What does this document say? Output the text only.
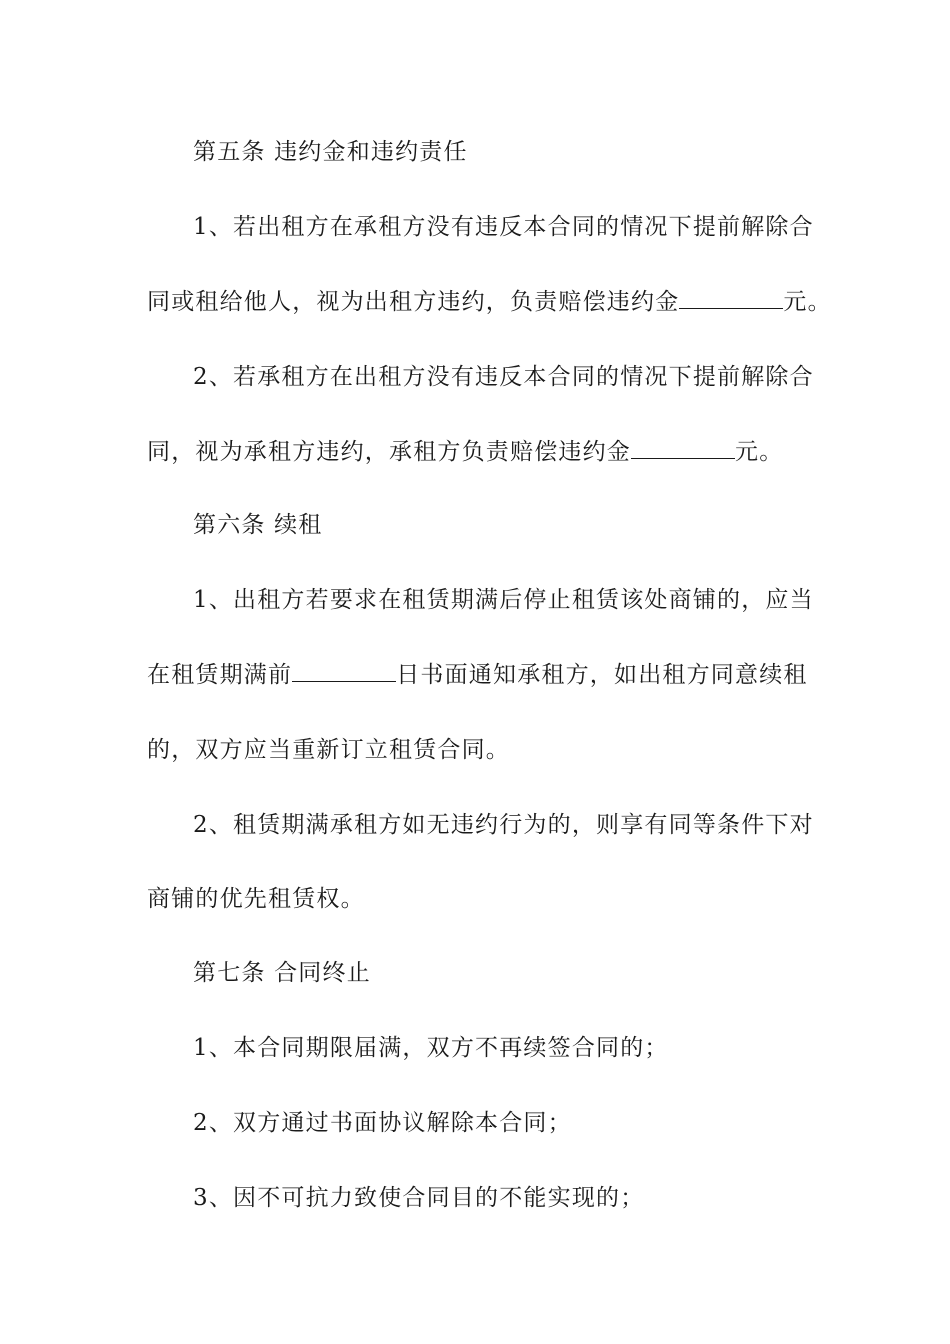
第五条 违约金和违约责任
1、若出租方在承租方没有违反本合同的情况下提前解除合
同或租给他人，视为出租方违约，负责赔偿违约金	元。
2、若承租方在出租方没有违反本合同的情况下提前解除合
同，视为承租方违约，承租方负责赔偿违约金	元。
第六条 续租
1、出租方若要求在租赁期满后停止租赁该处商铺的，应当
在租赁期满前	日书面通知承租方，如出租方同意续租
的，双方应当重新订立租赁合同。
2、租赁期满承租方如无违约行为的，则享有同等条件下对
商铺的优先租赁权。
第七条 合同终止
1、本合同期限届满，双方不再续签合同的；
2、双方通过书面协议解除本合同；
3、因不可抗力致使合同目的不能实现的；
